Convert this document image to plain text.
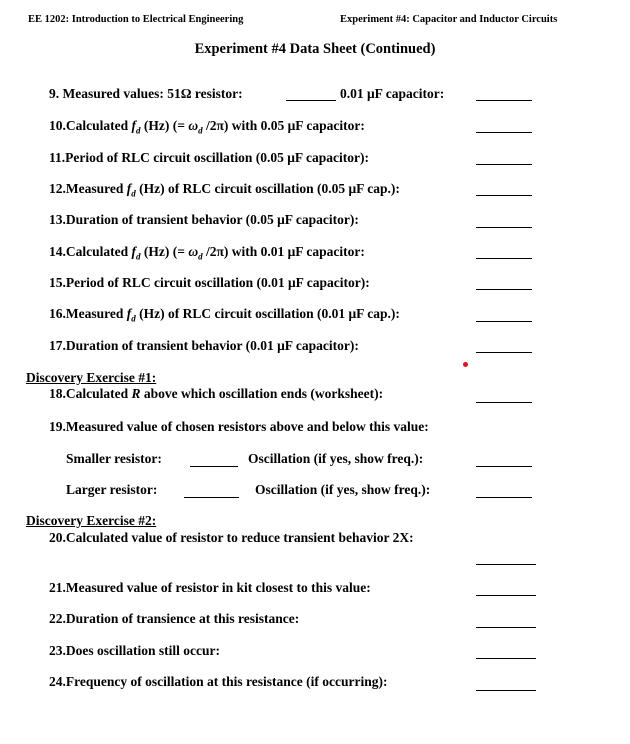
EE 1202: Introduction to Electrical Engineering	Experiment #4: Capacitor and Inductor Circuits
Experiment #4 Data Sheet (Continued)
9. Measured values: 51Ω resistor:	0.01 μF capacitor:
10.Calculated $f_d$ (Hz) (= $\omega_d$ /2π) with 0.05 μF capacitor:
11.Period of RLC circuit oscillation (0.05 μF capacitor):
12.Measured $f_d$ (Hz) of RLC circuit oscillation (0.05 μF cap.):
13.Duration of transient behavior (0.05 μF capacitor):
14.Calculated $f_d$ (Hz) (= $\omega_d$ /2π) with 0.01 μF capacitor:
15.Period of RLC circuit oscillation (0.01 μF capacitor):
16.Measured $f_d$ (Hz) of RLC circuit oscillation (0.01 μF cap.):
17.Duration of transient behavior (0.01 μF capacitor):
Discovery Exercise #1:
18.Calculated R above which oscillation ends (worksheet):
19.Measured value of chosen resistors above and below this value:
Smaller resistor:	Oscillation (if yes, show freq.):
Larger resistor:	Oscillation (if yes, show freq.):
Discovery Exercise #2:
20.Calculated value of resistor to reduce transient behavior 2X:
21.Measured value of resistor in kit closest to this value:
22.Duration of transience at this resistance:
23.Does oscillation still occur:
24.Frequency of oscillation at this resistance (if occurring):
